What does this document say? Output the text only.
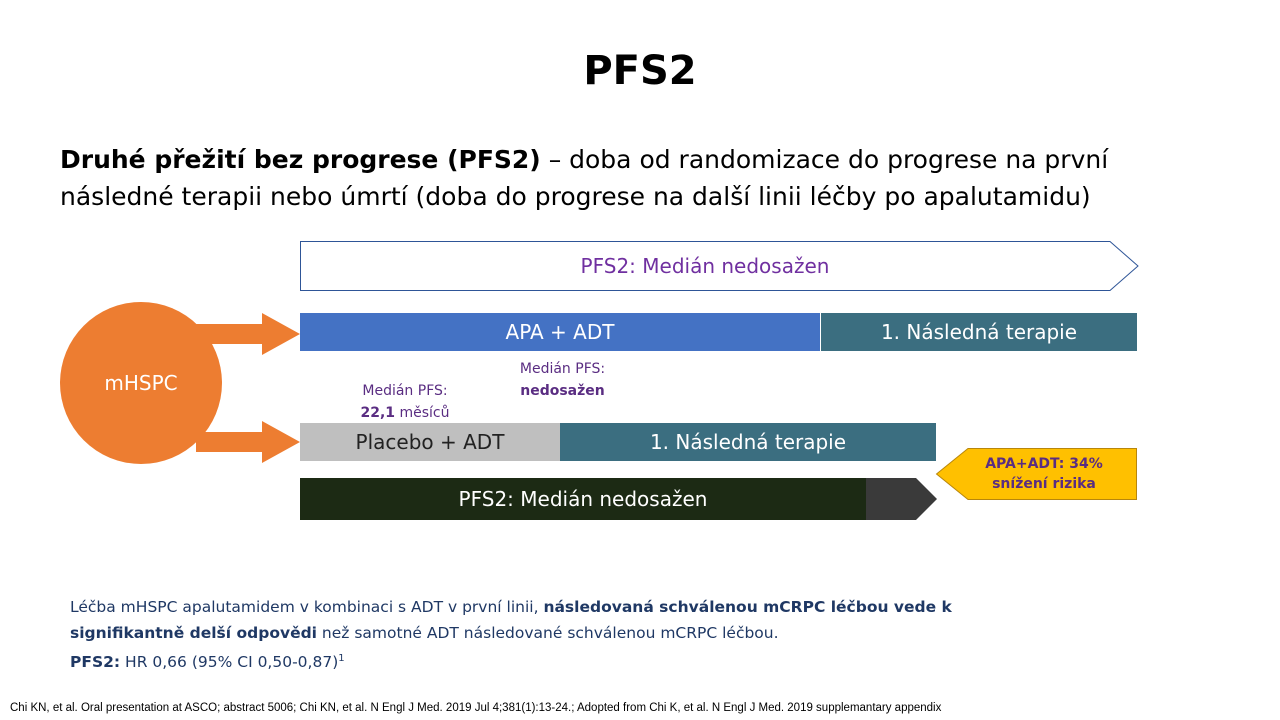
PFS2
Druhé přežití bez progrese (PFS2) – doba od randomizace do progrese na první následné terapii nebo úmrtí (doba do progrese na další linii léčby po apalutamidu)
PFS2: Medián nedosažen
mHSPC
APA + ADT	1. Následná terapie
Medián PFS:
22,1 měsíců
Medián PFS:
nedosažen
Placebo + ADT	1. Následná terapie
PFS2: Medián nedosažen
APA+ADT: 34%
snížení rizika
Léčba mHSPC apalutamidem v kombinaci s ADT v první linii, následovaná schválenou mCRPC léčbou vede k signifikantně delší odpovědi než samotné ADT následované schválenou mCRPC léčbou.
PFS2: HR 0,66 (95% CI 0,50-0,87)$^1$
Chi KN, et al. Oral presentation at ASCO; abstract 5006; Chi KN, et al. N Engl J Med. 2019 Jul 4;381(1):13-24.; Adopted from Chi K, et al. N Engl J Med. 2019 supplemantary appendix
